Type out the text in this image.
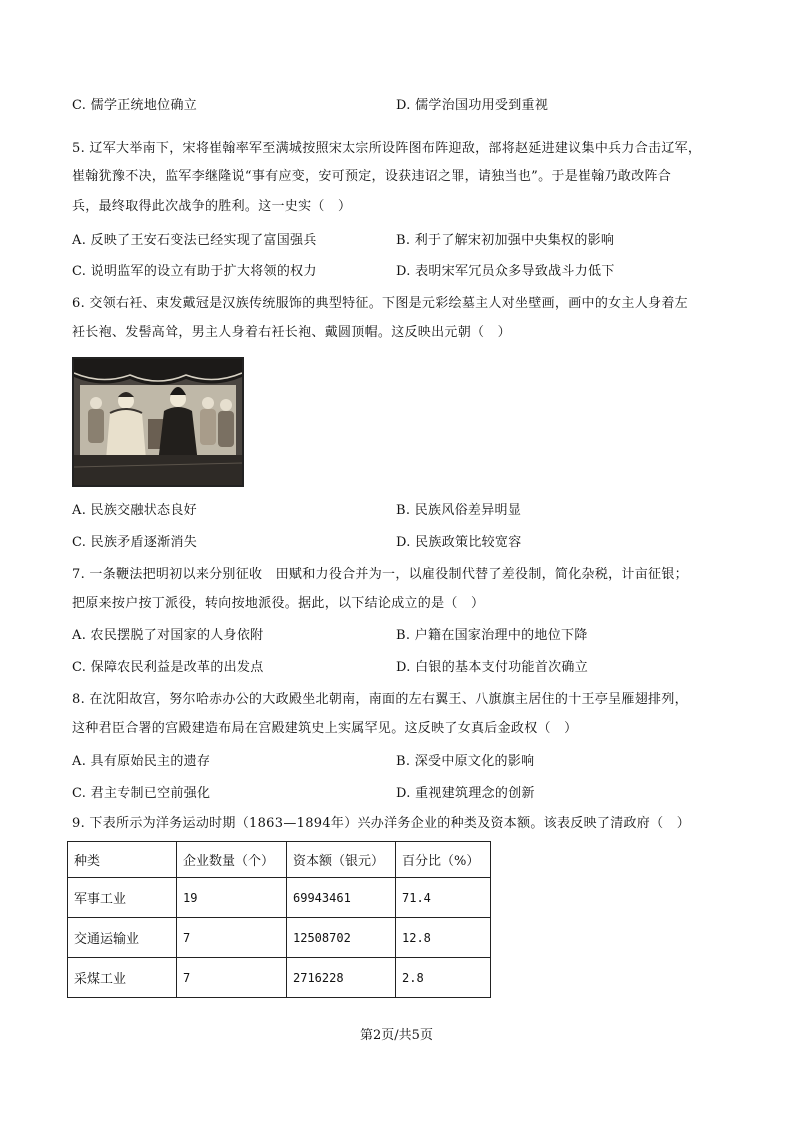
C. 儒学正统地位确立	D. 儒学治国功用受到重视
5. 辽军大举南下，宋将崔翰率军至满城按照宋太宗所设阵图布阵迎敌，部将赵延进建议集中兵力合击辽军，
崔翰犹豫不决，监军李继隆说“事有应变，安可预定，设获违诏之罪，请独当也”。于是崔翰乃敢改阵合
兵，最终取得此次战争的胜利。这一史实（　）
A. 反映了王安石变法已经实现了富国强兵	B. 利于了解宋初加强中央集权的影响
C. 说明监军的设立有助于扩大将领的权力	D. 表明宋军冗员众多导致战斗力低下
6. 交领右衽、束发戴冠是汉族传统服饰的典型特征。下图是元彩绘墓主人对坐壁画，画中的女主人身着左
衽长袍、发髻高耸，男主人身着右衽长袍、戴圆顶帽。这反映出元朝（　）
A. 民族交融状态良好	B. 民族风俗差异明显
C. 民族矛盾逐渐消失	D. 民族政策比较宽容
7. 一条鞭法把明初以来分别征收　田赋和力役合并为一，以雇役制代替了差役制，简化杂税，计亩征银；
把原来按户按丁派役，转向按地派役。据此，以下结论成立的是（　）
A. 农民摆脱了对国家的人身依附	B. 户籍在国家治理中的地位下降
C. 保障农民利益是改革的出发点	D. 白银的基本支付功能首次确立
8. 在沈阳故宫，努尔哈赤办公的大政殿坐北朝南，南面的左右翼王、八旗旗主居住的十王亭呈雁翅排列，
这种君臣合署的宫殿建造布局在宫殿建筑史上实属罕见。这反映了女真后金政权（　）
A. 具有原始民主的遗存	B. 深受中原文化的影响
C. 君主专制已空前强化	D. 重视建筑理念的创新
9. 下表所示为洋务运动时期（1863—1894年）兴办洋务企业的种类及资本额。该表反映了清政府（　）
种类	企业数量（个）	资本额（银元）	百分比（%）
军事工业	19	69943461	71.4
交通运输业	7	12508702	12.8
采煤工业	7	2716228	2.8
第2页/共5页
